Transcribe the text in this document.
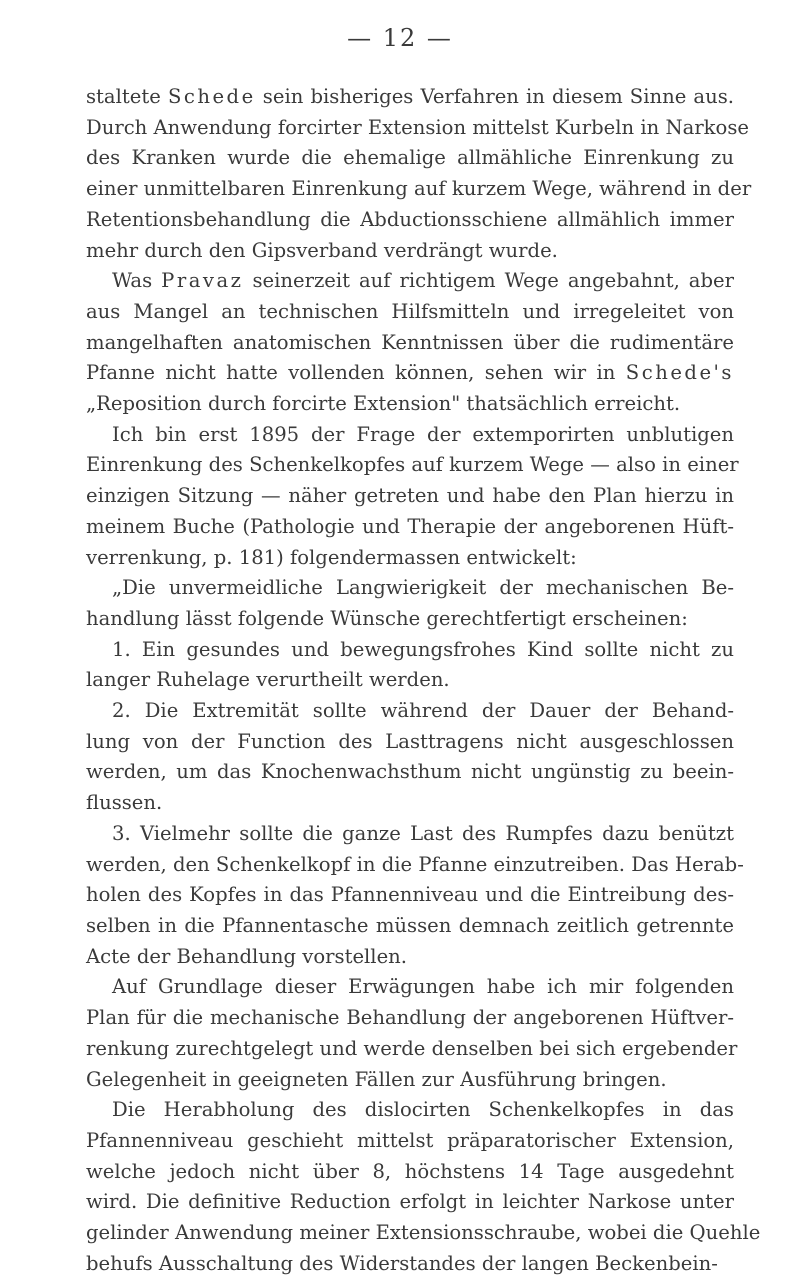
— 12 —
staltete Schede sein bisheriges Verfahren in diesem Sinne aus.
Durch Anwendung forcirter Extension mittelst Kurbeln in Narkose
des Kranken wurde die ehemalige allmähliche Einrenkung zu
einer unmittelbaren Einrenkung auf kurzem Wege, während in der
Retentionsbehandlung die Abductionsschiene allmählich immer
mehr durch den Gipsverband verdrängt wurde.
Was Pravaz seinerzeit auf richtigem Wege angebahnt, aber
aus Mangel an technischen Hilfsmitteln und irregeleitet von
mangelhaften anatomischen Kenntnissen über die rudimentäre
Pfanne nicht hatte vollenden können, sehen wir in Schede's
„Reposition durch forcirte Extension" thatsächlich erreicht.
Ich bin erst 1895 der Frage der extemporirten unblutigen
Einrenkung des Schenkelkopfes auf kurzem Wege — also in einer
einzigen Sitzung — näher getreten und habe den Plan hierzu in
meinem Buche (Pathologie und Therapie der angeborenen Hüft-
verrenkung, p. 181) folgendermassen entwickelt:
„Die unvermeidliche Langwierigkeit der mechanischen Be-
handlung lässt folgende Wünsche gerechtfertigt erscheinen:
1. Ein gesundes und bewegungsfrohes Kind sollte nicht zu
langer Ruhelage verurtheilt werden.
2. Die Extremität sollte während der Dauer der Behand-
lung von der Function des Lasttragens nicht ausgeschlossen
werden, um das Knochenwachsthum nicht ungünstig zu beein-
flussen.
3. Vielmehr sollte die ganze Last des Rumpfes dazu benützt
werden, den Schenkelkopf in die Pfanne einzutreiben. Das Herab-
holen des Kopfes in das Pfannenniveau und die Eintreibung des-
selben in die Pfannentasche müssen demnach zeitlich getrennte
Acte der Behandlung vorstellen.
Auf Grundlage dieser Erwägungen habe ich mir folgenden
Plan für die mechanische Behandlung der angeborenen Hüftver-
renkung zurechtgelegt und werde denselben bei sich ergebender
Gelegenheit in geeigneten Fällen zur Ausführung bringen.
Die Herabholung des dislocirten Schenkelkopfes in das
Pfannenniveau geschieht mittelst präparatorischer Extension,
welche jedoch nicht über 8, höchstens 14 Tage ausgedehnt
wird. Die definitive Reduction erfolgt in leichter Narkose unter
gelinder Anwendung meiner Extensionsschraube, wobei die Quehle
behufs Ausschaltung des Widerstandes der langen Beckenbein-
